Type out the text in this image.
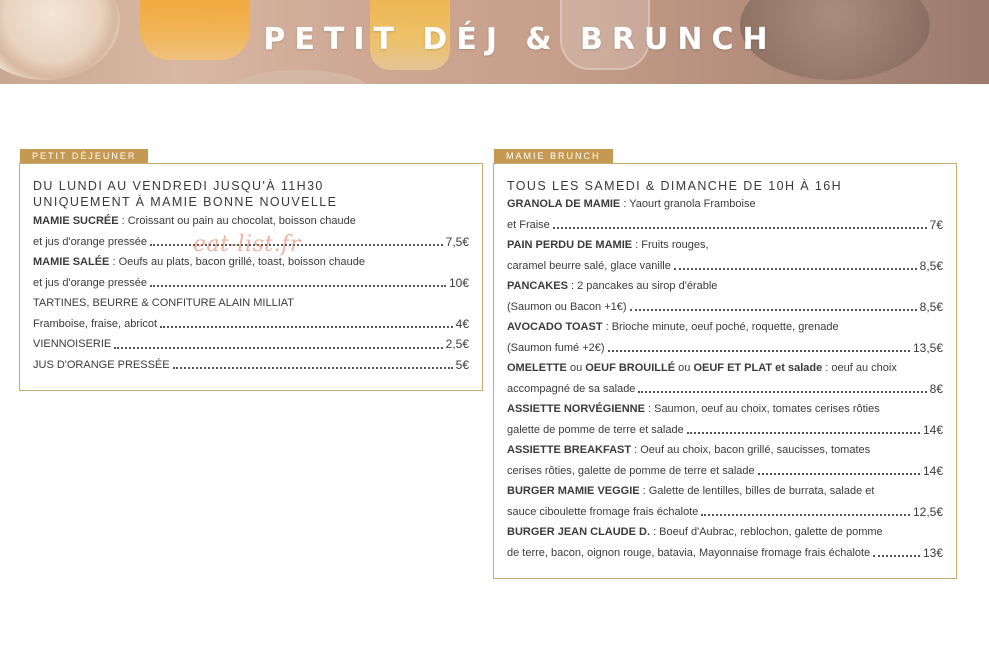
PETIT DÉJ & BRUNCH
PETIT DÉJEUNER
DU LUNDI AU VENDREDI JUSQU'À 11H30
UNIQUEMENT À MAMIE BONNE NOUVELLE
MAMIE SUCRÉE : Croissant ou pain au chocolat, boisson chaude
et jus d'orange pressée	7,5€
MAMIE SALÉE : Oeufs au plats, bacon grillé, toast, boisson chaude
et jus d'orange pressée	10€
TARTINES, BEURRE & CONFITURE ALAIN MILLIAT
Framboise, fraise, abricot	4€
VIENNOISERIE	2,5€
JUS D'ORANGE PRESSÉE	5€
MAMIE BRUNCH
TOUS LES SAMEDI & DIMANCHE DE 10H À 16H
GRANOLA DE MAMIE : Yaourt granola Framboise
et Fraise	7€
PAIN PERDU DE MAMIE : Fruits rouges,
caramel beurre salé, glace vanille	8,5€
PANCAKES : 2 pancakes au sirop d'érable
(Saumon ou Bacon +1€)	8,5€
AVOCADO TOAST : Brioche minute, oeuf poché, roquette, grenade
(Saumon fumé +2€)	13,5€
OMELETTE ou OEUF BROUILLÉ ou OEUF ET PLAT et salade : oeuf au choix
accompagné de sa salade	8€
ASSIETTE NORVÉGIENNE : Saumon, oeuf au choix, tomates cerises rôties
galette de pomme de terre et salade	14€
ASSIETTE BREAKFAST : Oeuf au choix, bacon grillé, saucisses, tomates
cerises rôties, galette de pomme de terre et salade	14€
BURGER MAMIE VEGGIE : Galette de lentilles, billes de burrata, salade et
sauce ciboulette fromage frais échalote	12,5€
BURGER JEAN CLAUDE D. : Boeuf d'Aubrac, reblochon, galette de pomme
de terre, bacon, oignon rouge, batavia, Mayonnaise fromage frais échalote	13€
eat-list.fr
